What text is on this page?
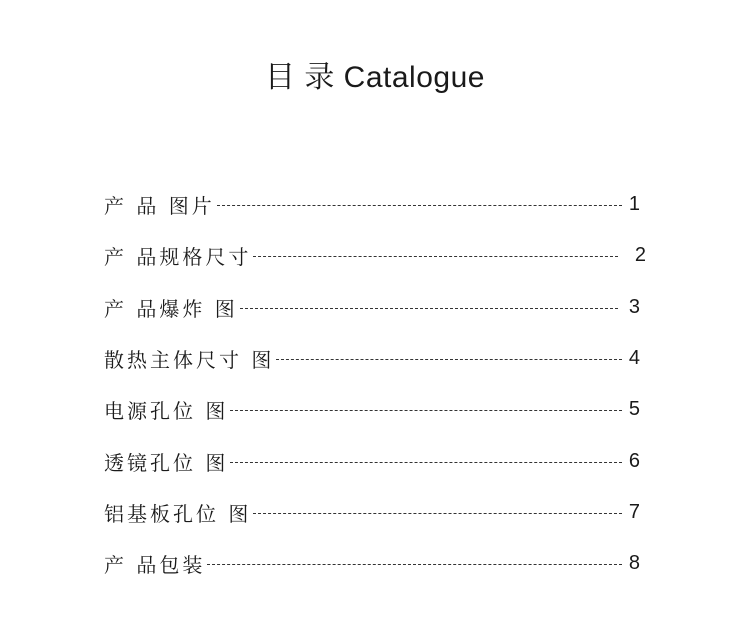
目 录 Catalogue
产 品 图片	1
产 品规格尺寸	2
产 品爆炸 图	3
散热主体尺寸 图	4
电源孔位 图	5
透镜孔位 图	6
铝基板孔位 图	7
产 品包装	8
